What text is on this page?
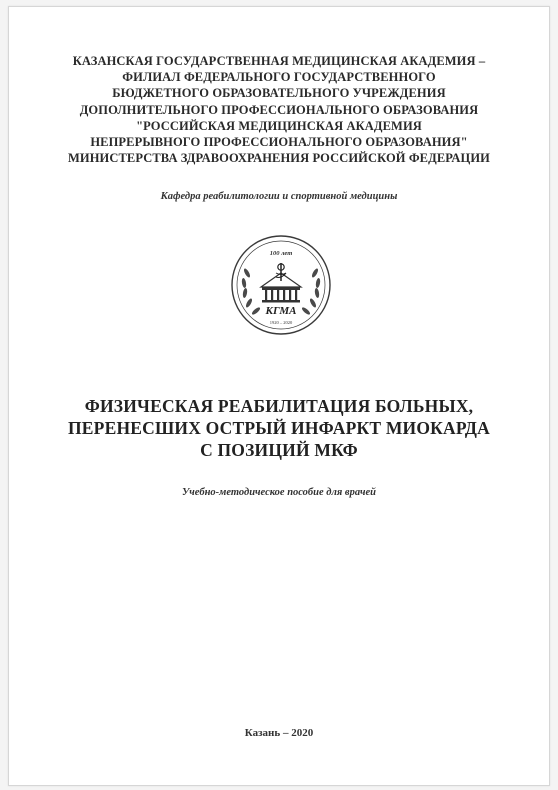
КАЗАНСКАЯ ГОСУДАРСТВЕННАЯ МЕДИЦИНСКАЯ АКАДЕМИЯ –
ФИЛИАЛ ФЕДЕРАЛЬНОГО ГОСУДАРСТВЕННОГО
БЮДЖЕТНОГО ОБРАЗОВАТЕЛЬНОГО УЧРЕЖДЕНИЯ
ДОПОЛНИТЕЛЬНОГО ПРОФЕССИОНАЛЬНОГО ОБРАЗОВАНИЯ
"РОССИЙСКАЯ МЕДИЦИНСКАЯ АКАДЕМИЯ
НЕПРЕРЫВНОГО ПРОФЕССИОНАЛЬНОГО ОБРАЗОВАНИЯ"
МИНИСТЕРСТВА ЗДРАВООХРАНЕНИЯ РОССИЙСКОЙ ФЕДЕРАЦИИ
Кафедра реабилитологии и спортивной медицины
100 лет
КГМА
1920 – 2020
ФИЗИЧЕСКАЯ РЕАБИЛИТАЦИЯ БОЛЬНЫХ,
ПЕРЕНЕСШИХ ОСТРЫЙ ИНФАРКТ МИОКАРДА
С ПОЗИЦИЙ МКФ
Учебно-методическое пособие для врачей
Казань – 2020
